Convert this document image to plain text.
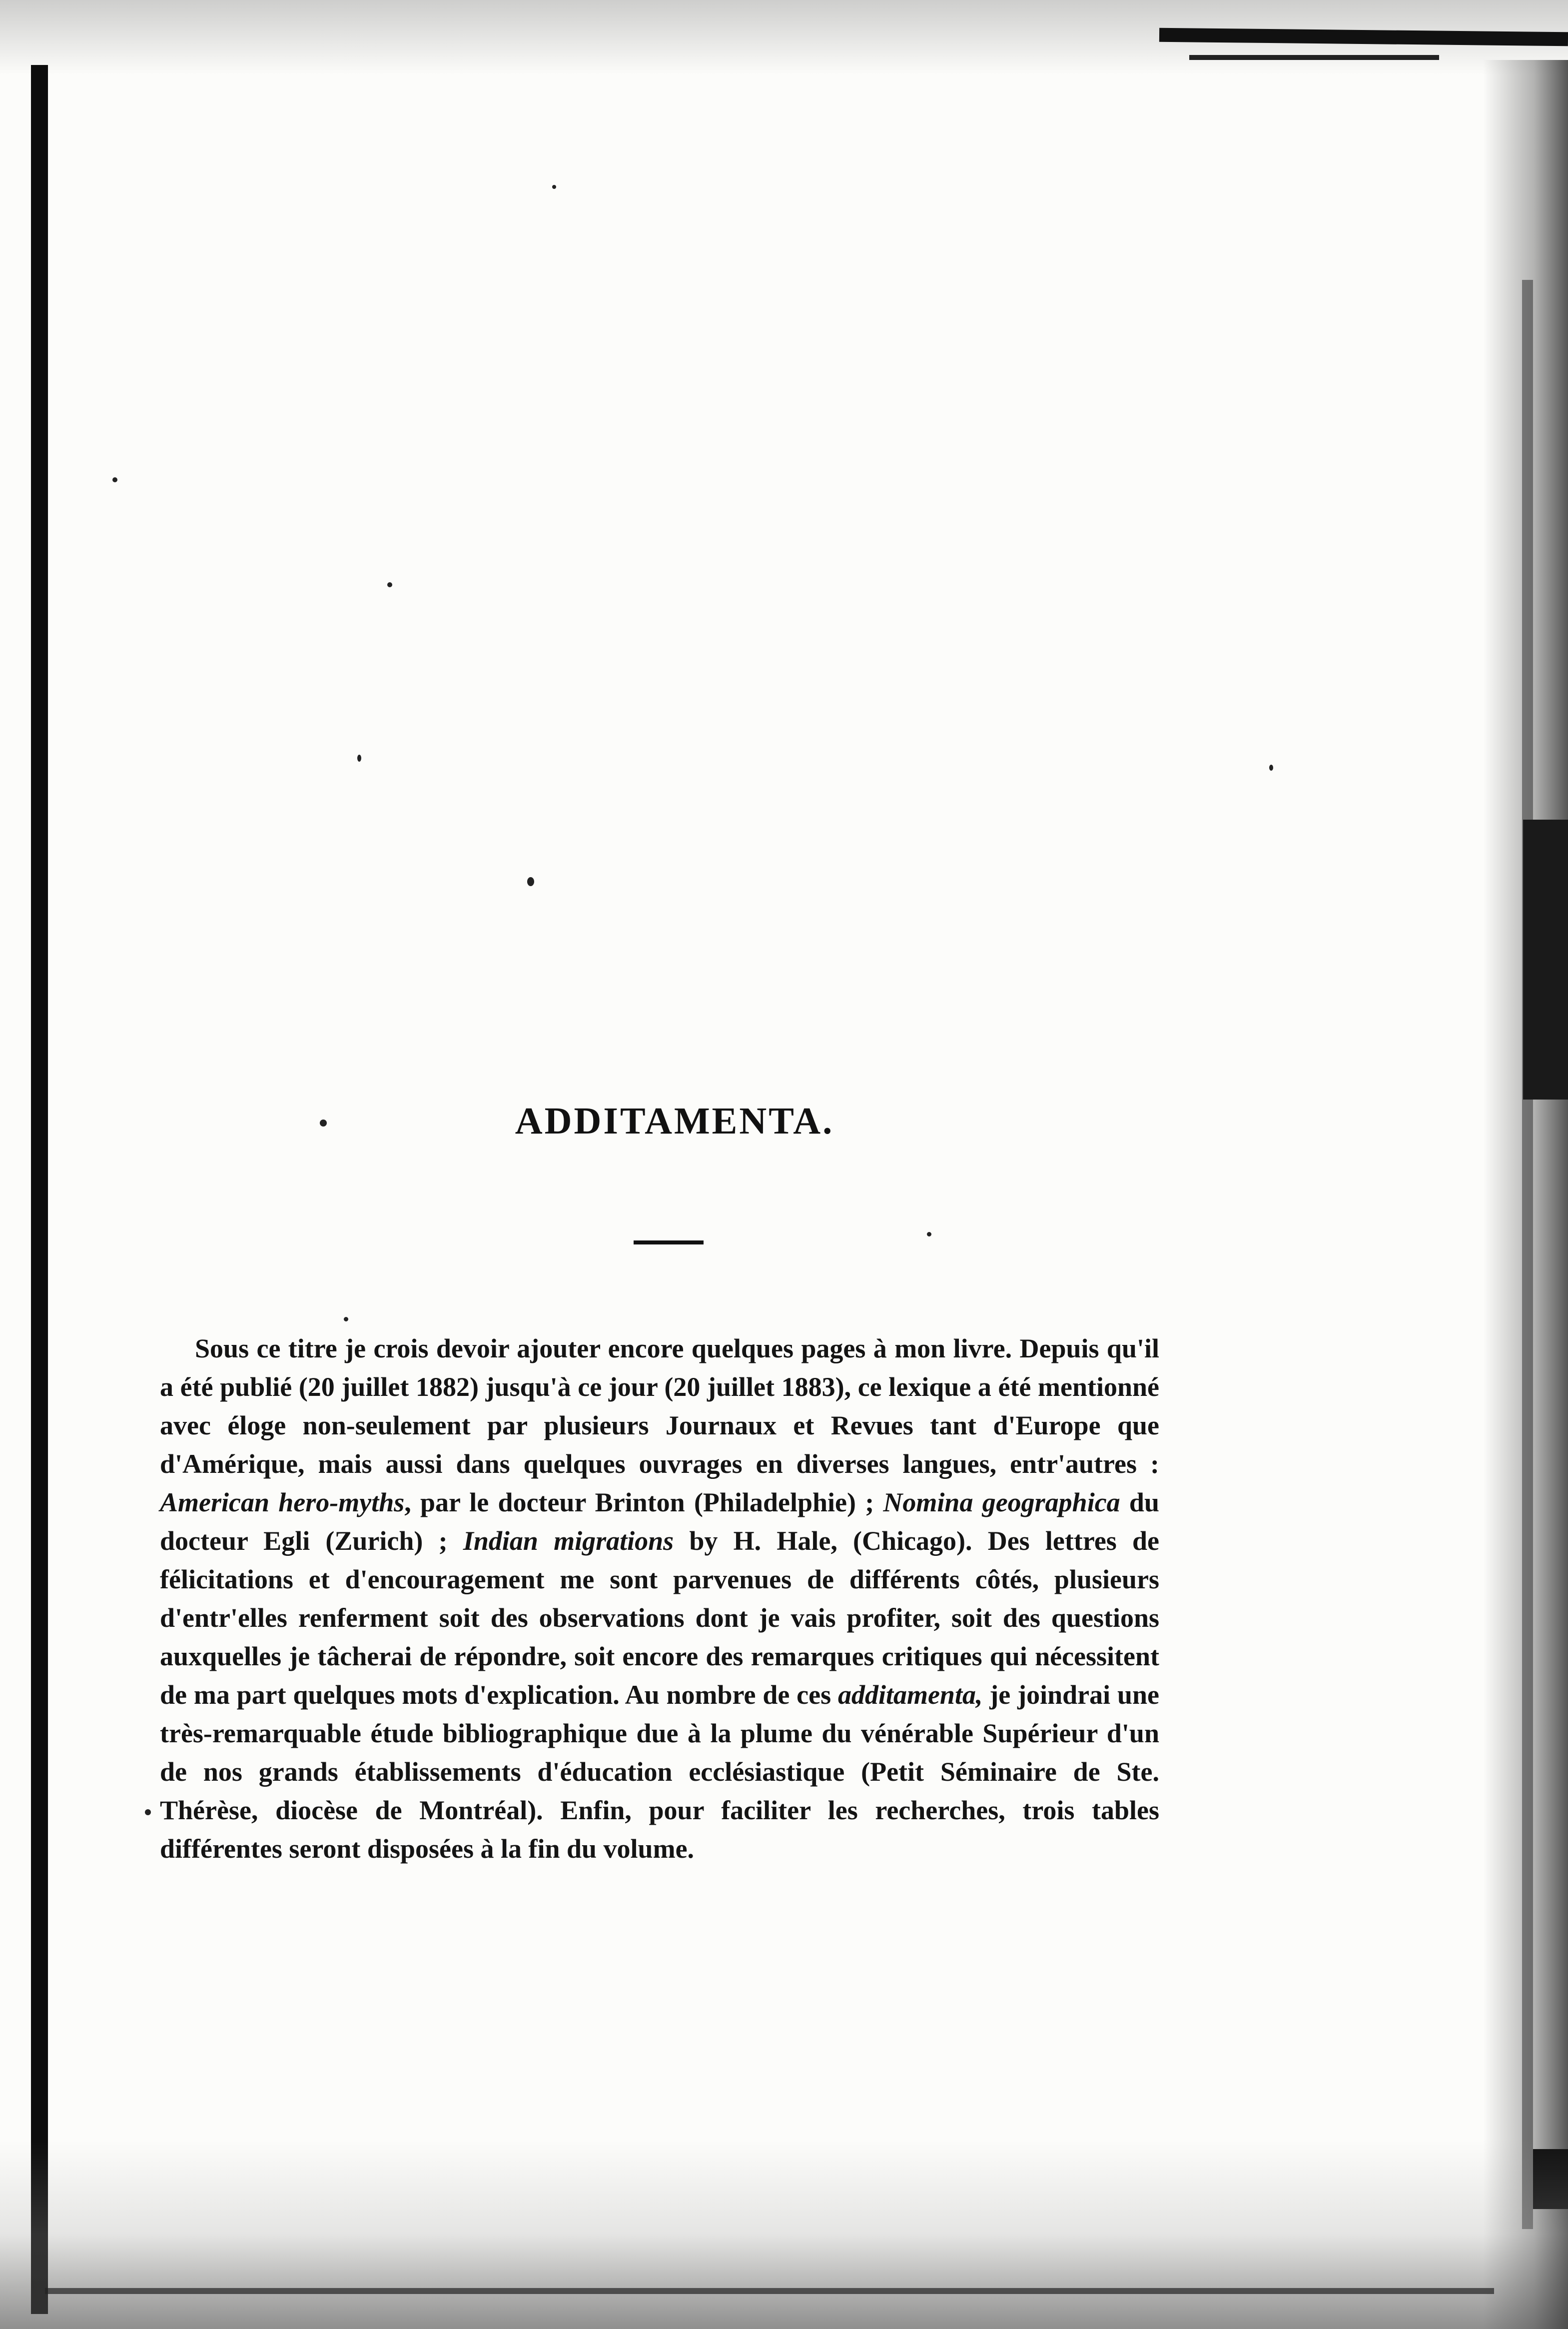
ADDITAMENTA.

Sous ce titre je crois devoir ajouter encore quelques pages à mon livre. Depuis qu'il a été publié (20 juillet 1882) jusqu'à ce jour (20 juillet 1883), ce lexique a été mentionné avec éloge non-seulement par plusieurs Journaux et Revues tant d'Europe que d'Amérique, mais aussi dans quelques ouvrages en diverses langues, entr'autres : American hero-myths, par le docteur Brinton (Philadelphie) ; Nomina geographica du docteur Egli (Zurich) ; Indian migrations by H. Hale, (Chicago). Des lettres de félicitations et d'encouragement me sont parvenues de différents côtés, plusieurs d'entr'elles renferment soit des observations dont je vais profiter, soit des questions auxquelles je tâcherai de répondre, soit encore des remarques critiques qui nécessitent de ma part quelques mots d'explication. Au nombre de ces additamenta, je joindrai une très-remarquable étude bibliographique due à la plume du vénérable Supérieur d'un de nos grands établissements d'éducation ecclésiastique (Petit Séminaire de Ste. Thérèse, diocèse de Montréal). Enfin, pour faciliter les recherches, trois tables différentes seront disposées à la fin du volume.
